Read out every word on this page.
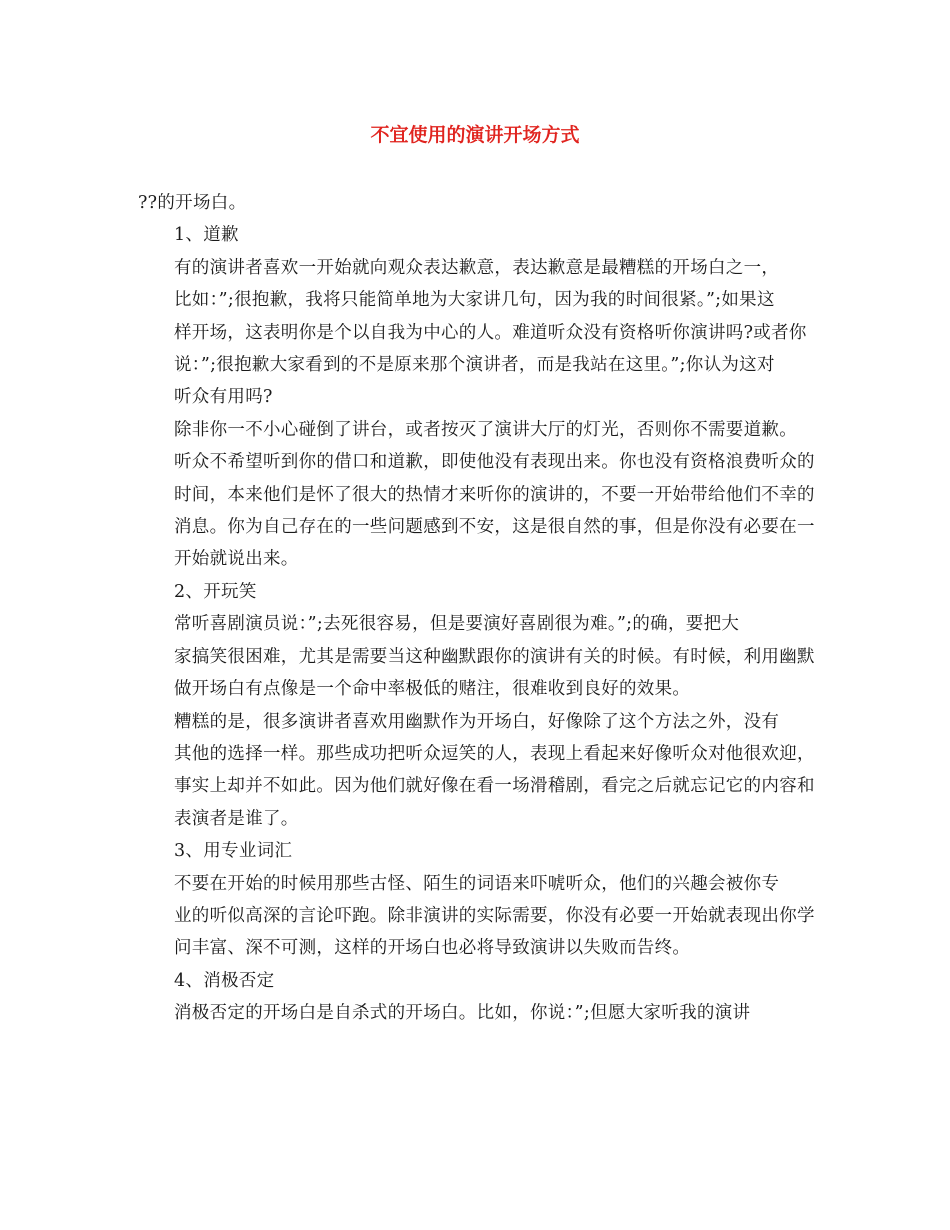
不宜使用的演讲开场方式

??的开场白。

1、道歉

有的演讲者喜欢一开始就向观众表达歉意，表达歉意是最糟糕的开场白之一，
比如：”;很抱歉，我将只能简单地为大家讲几句，因为我的时间很紧。”;如果这
样开场，这表明你是个以自我为中心的人。难道听众没有资格听你演讲吗?或者你
说：”;很抱歉大家看到的不是原来那个演讲者，而是我站在这里。”;你认为这对
听众有用吗?

除非你一不小心碰倒了讲台，或者按灭了演讲大厅的灯光，否则你不需要道歉。
听众不希望听到你的借口和道歉，即使他没有表现出来。你也没有资格浪费听众的
时间，本来他们是怀了很大的热情才来听你的演讲的，不要一开始带给他们不幸的
消息。你为自己存在的一些问题感到不安，这是很自然的事，但是你没有必要在一
开始就说出来。

2、开玩笑

常听喜剧演员说：”;去死很容易，但是要演好喜剧很为难。”;的确，要把大
家搞笑很困难，尤其是需要当这种幽默跟你的演讲有关的时候。有时候，利用幽默
做开场白有点像是一个命中率极低的赌注，很难收到良好的效果。

糟糕的是，很多演讲者喜欢用幽默作为开场白，好像除了这个方法之外，没有
其他的选择一样。那些成功把听众逗笑的人，表现上看起来好像听众对他很欢迎，
事实上却并不如此。因为他们就好像在看一场滑稽剧，看完之后就忘记它的内容和
表演者是谁了。

3、用专业词汇

不要在开始的时候用那些古怪、陌生的词语来吓唬听众，他们的兴趣会被你专
业的听似高深的言论吓跑。除非演讲的实际需要，你没有必要一开始就表现出你学
问丰富、深不可测，这样的开场白也必将导致演讲以失败而告终。

4、消极否定

消极否定的开场白是自杀式的开场白。比如，你说：”;但愿大家听我的演讲
